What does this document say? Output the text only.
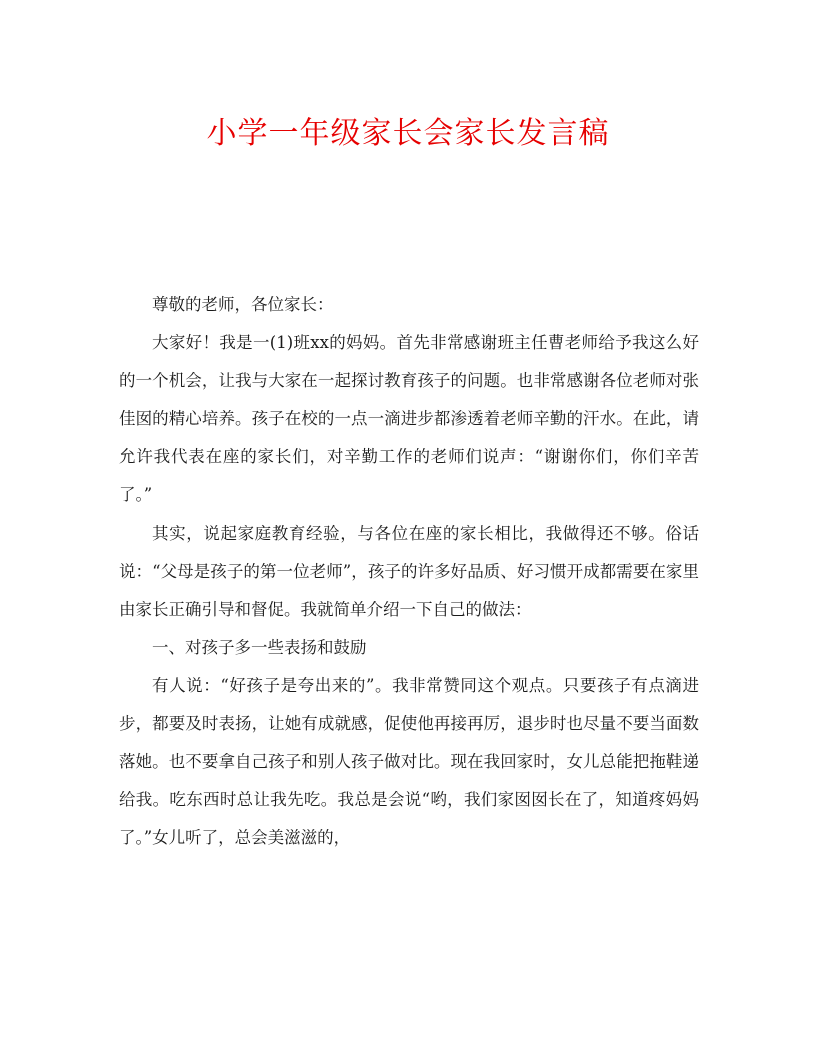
小学一年级家长会家长发言稿

尊敬的老师，各位家长：

大家好！我是一(1)班xx的妈妈。首先非常感谢班主任曹老师给予我这么好的一个机会，让我与大家在一起探讨教育孩子的问题。也非常感谢各位老师对张佳囡的精心培养。孩子在校的一点一滴进步都渗透着老师辛勤的汗水。在此，请允许我代表在座的家长们，对辛勤工作的老师们说声：“谢谢你们，你们辛苦了。”

其实，说起家庭教育经验，与各位在座的家长相比，我做得还不够。俗话说：“父母是孩子的第一位老师”，孩子的许多好品质、好习惯开成都需要在家里由家长正确引导和督促。我就简单介绍一下自己的做法：

一、对孩子多一些表扬和鼓励

有人说：“好孩子是夸出来的”。我非常赞同这个观点。只要孩子有点滴进步，都要及时表扬，让她有成就感，促使他再接再厉，退步时也尽量不要当面数落她。也不要拿自己孩子和别人孩子做对比。现在我回家时，女儿总能把拖鞋递给我。吃东西时总让我先吃。我总是会说“哟，我们家囡囡长在了，知道疼妈妈了。”女儿听了，总会美滋滋的，
